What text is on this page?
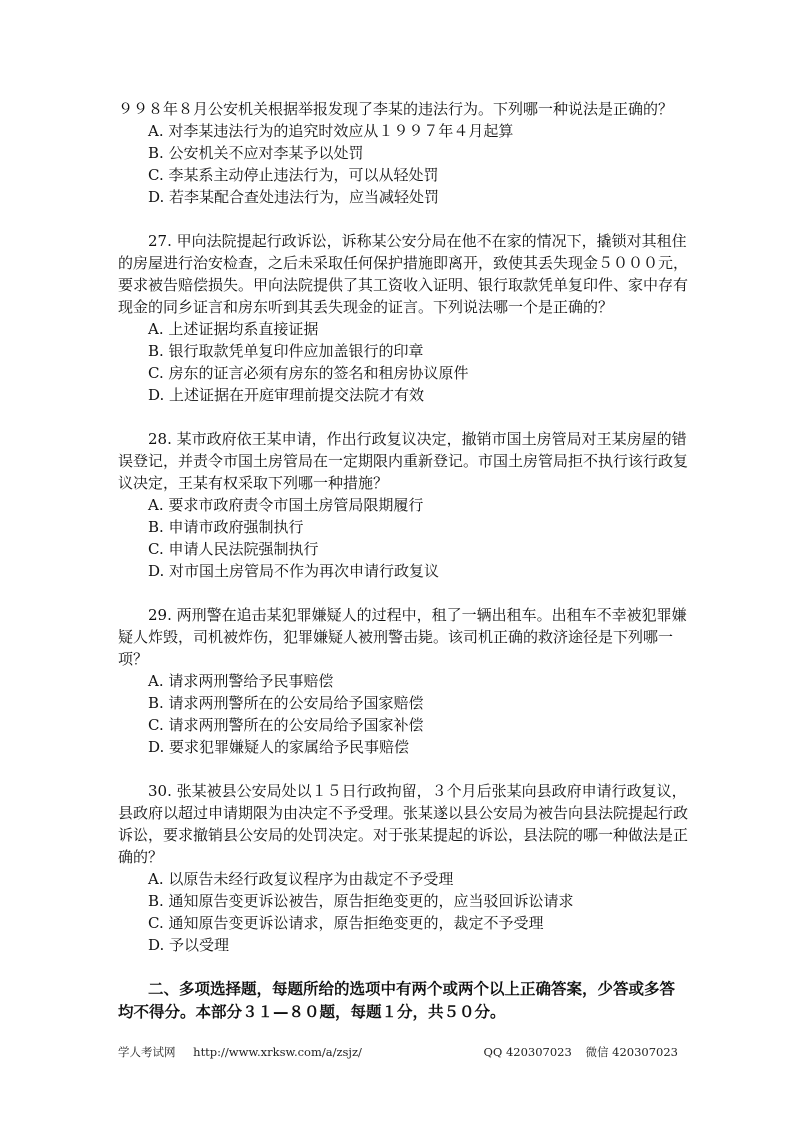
９９８年８月公安机关根据举报发现了李某的违法行为。下列哪一种说法是正确的？

A. 对李某违法行为的追究时效应从１９９７年４月起算

B. 公安机关不应对李某予以处罚

C. 李某系主动停止违法行为，可以从轻处罚

D. 若李某配合查处违法行为，应当减轻处罚

27. 甲向法院提起行政诉讼，诉称某公安分局在他不在家的情况下，撬锁对其租住的房屋进行治安检查，之后未采取任何保护措施即离开，致使其丢失现金５０００元，要求被告赔偿损失。甲向法院提供了其工资收入证明、银行取款凭单复印件、家中存有现金的同乡证言和房东听到其丢失现金的证言。下列说法哪一个是正确的？

A. 上述证据均系直接证据

B. 银行取款凭单复印件应加盖银行的印章

C. 房东的证言必须有房东的签名和租房协议原件

D. 上述证据在开庭审理前提交法院才有效

28. 某市政府依王某申请，作出行政复议决定，撤销市国土房管局对王某房屋的错误登记，并责令市国土房管局在一定期限内重新登记。市国土房管局拒不执行该行政复议决定，王某有权采取下列哪一种措施？

A. 要求市政府责令市国土房管局限期履行

B. 申请市政府强制执行

C. 申请人民法院强制执行

D. 对市国土房管局不作为再次申请行政复议

29. 两刑警在追击某犯罪嫌疑人的过程中，租了一辆出租车。出租车不幸被犯罪嫌疑人炸毁，司机被炸伤，犯罪嫌疑人被刑警击毙。该司机正确的救济途径是下列哪一项？

A. 请求两刑警给予民事赔偿

B. 请求两刑警所在的公安局给予国家赔偿

C. 请求两刑警所在的公安局给予国家补偿

D. 要求犯罪嫌疑人的家属给予民事赔偿

30. 张某被县公安局处以１５日行政拘留，３个月后张某向县政府申请行政复议，县政府以超过申请期限为由决定不予受理。张某遂以县公安局为被告向县法院提起行政诉讼，要求撤销县公安局的处罚决定。对于张某提起的诉讼，县法院的哪一种做法是正确的？

A. 以原告未经行政复议程序为由裁定不予受理

B. 通知原告变更诉讼被告，原告拒绝变更的，应当驳回诉讼请求

C. 通知原告变更诉讼请求，原告拒绝变更的，裁定不予受理

D. 予以受理

二、多项选择题，每题所给的选项中有两个或两个以上正确答案，少答或多答均不得分。本部分３１—８０题，每题１分，共５０分。

学人考试网 http://www.xrksw.com/a/zsjz/	QQ 420307023 微信 420307023
